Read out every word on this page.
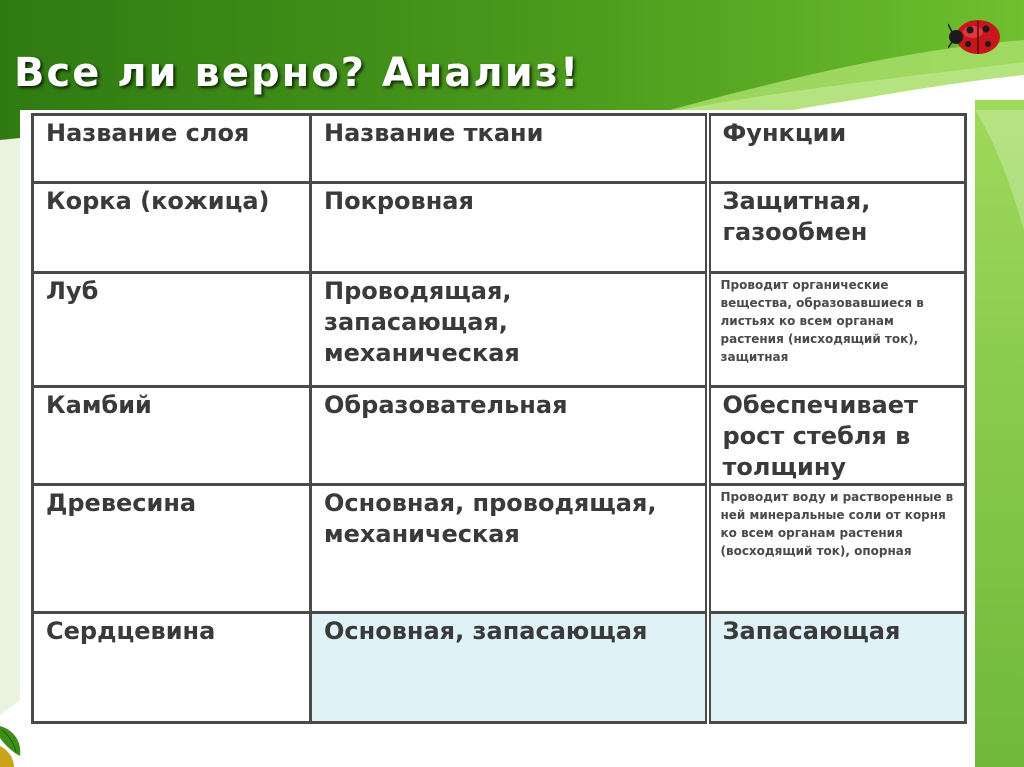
Все ли верно? Анализ!
Название слоя	Название ткани	Функции
Корка (кожица)	Покровная	Защитная, газообмен
Луб	Проводящая, запасающая, механическая	Проводит органические вещества, образовавшиеся в листьях ко всем органам растения (нисходящий ток), защитная
Камбий	Образовательная	Обеспечивает рост стебля в толщину
Древесина	Основная, проводящая, механическая	Проводит воду и растворенные в ней минеральные соли от корня ко всем органам растения (восходящий ток), опорная
Сердцевина	Основная, запасающая	Запасающая
